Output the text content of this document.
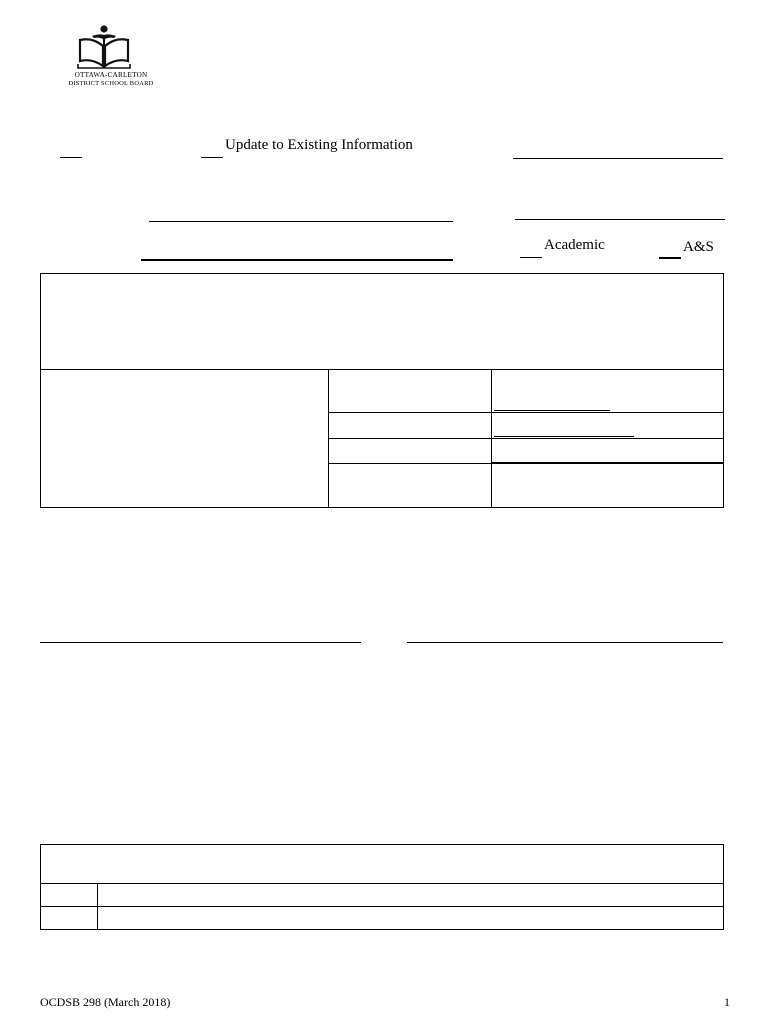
OTTAWA-CARLETON
DISTRICT SCHOOL BOARD
Update to Existing Information
Academic	A&S
OCDSB 298 (March 2018)	1
